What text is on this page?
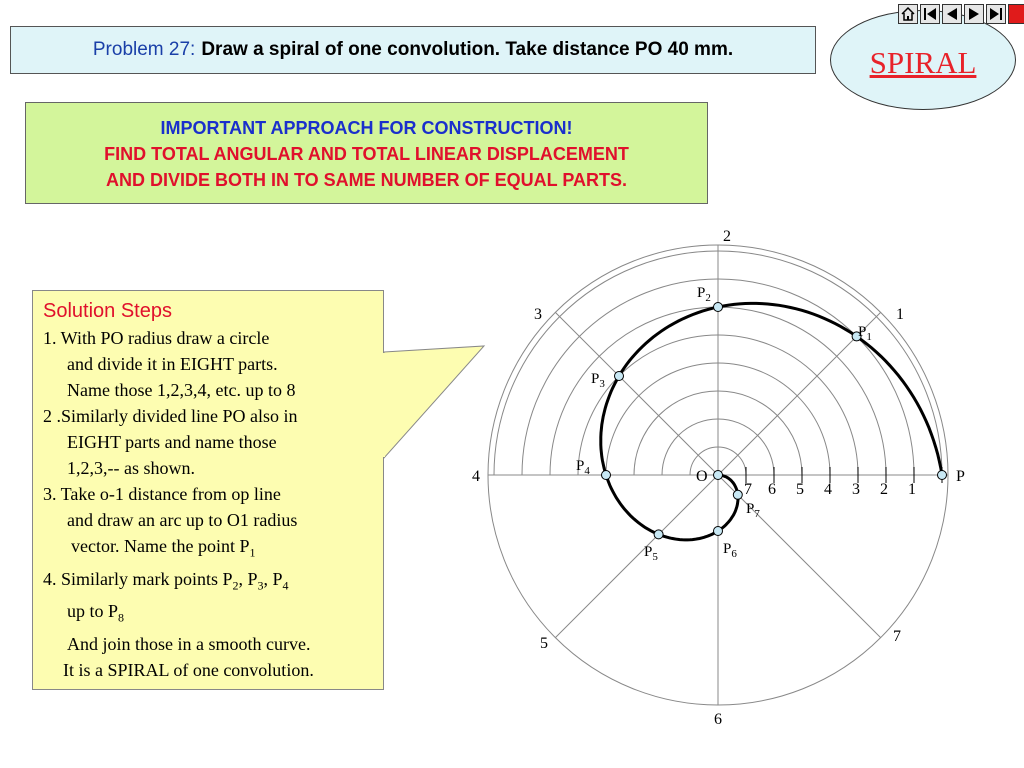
Problem 27: Draw a spiral of one convolution. Take distance PO 40 mm.	SPIRAL
IMPORTANT APPROACH FOR CONSTRUCTION!
FIND TOTAL ANGULAR AND TOTAL LINEAR DISPLACEMENT
AND DIVIDE BOTH IN TO SAME NUMBER OF EQUAL PARTS.
Solution Steps
1. With PO radius draw a circle
and divide it in EIGHT parts.
Name those 1,2,3,4, etc. up to 8
2 .Similarly divided line PO also in
EIGHT parts and name those
1,2,3,-- as shown.
3. Take o-1 distance from op line
and draw an arc up to O1 radius
vector. Name the point $P_1$
4. Similarly mark points $P_2$, $P_3$, $P_4$
up to $P_8$
And join those in a smooth curve.
It is a SPIRAL of one convolution.
O	P
1
2
3
4
5
6
7
7 6 5 4 3 2 1
$P_1$
$P_2$
$P_3$
$P_4$
$P_5$	$P_6$
$P_7$
